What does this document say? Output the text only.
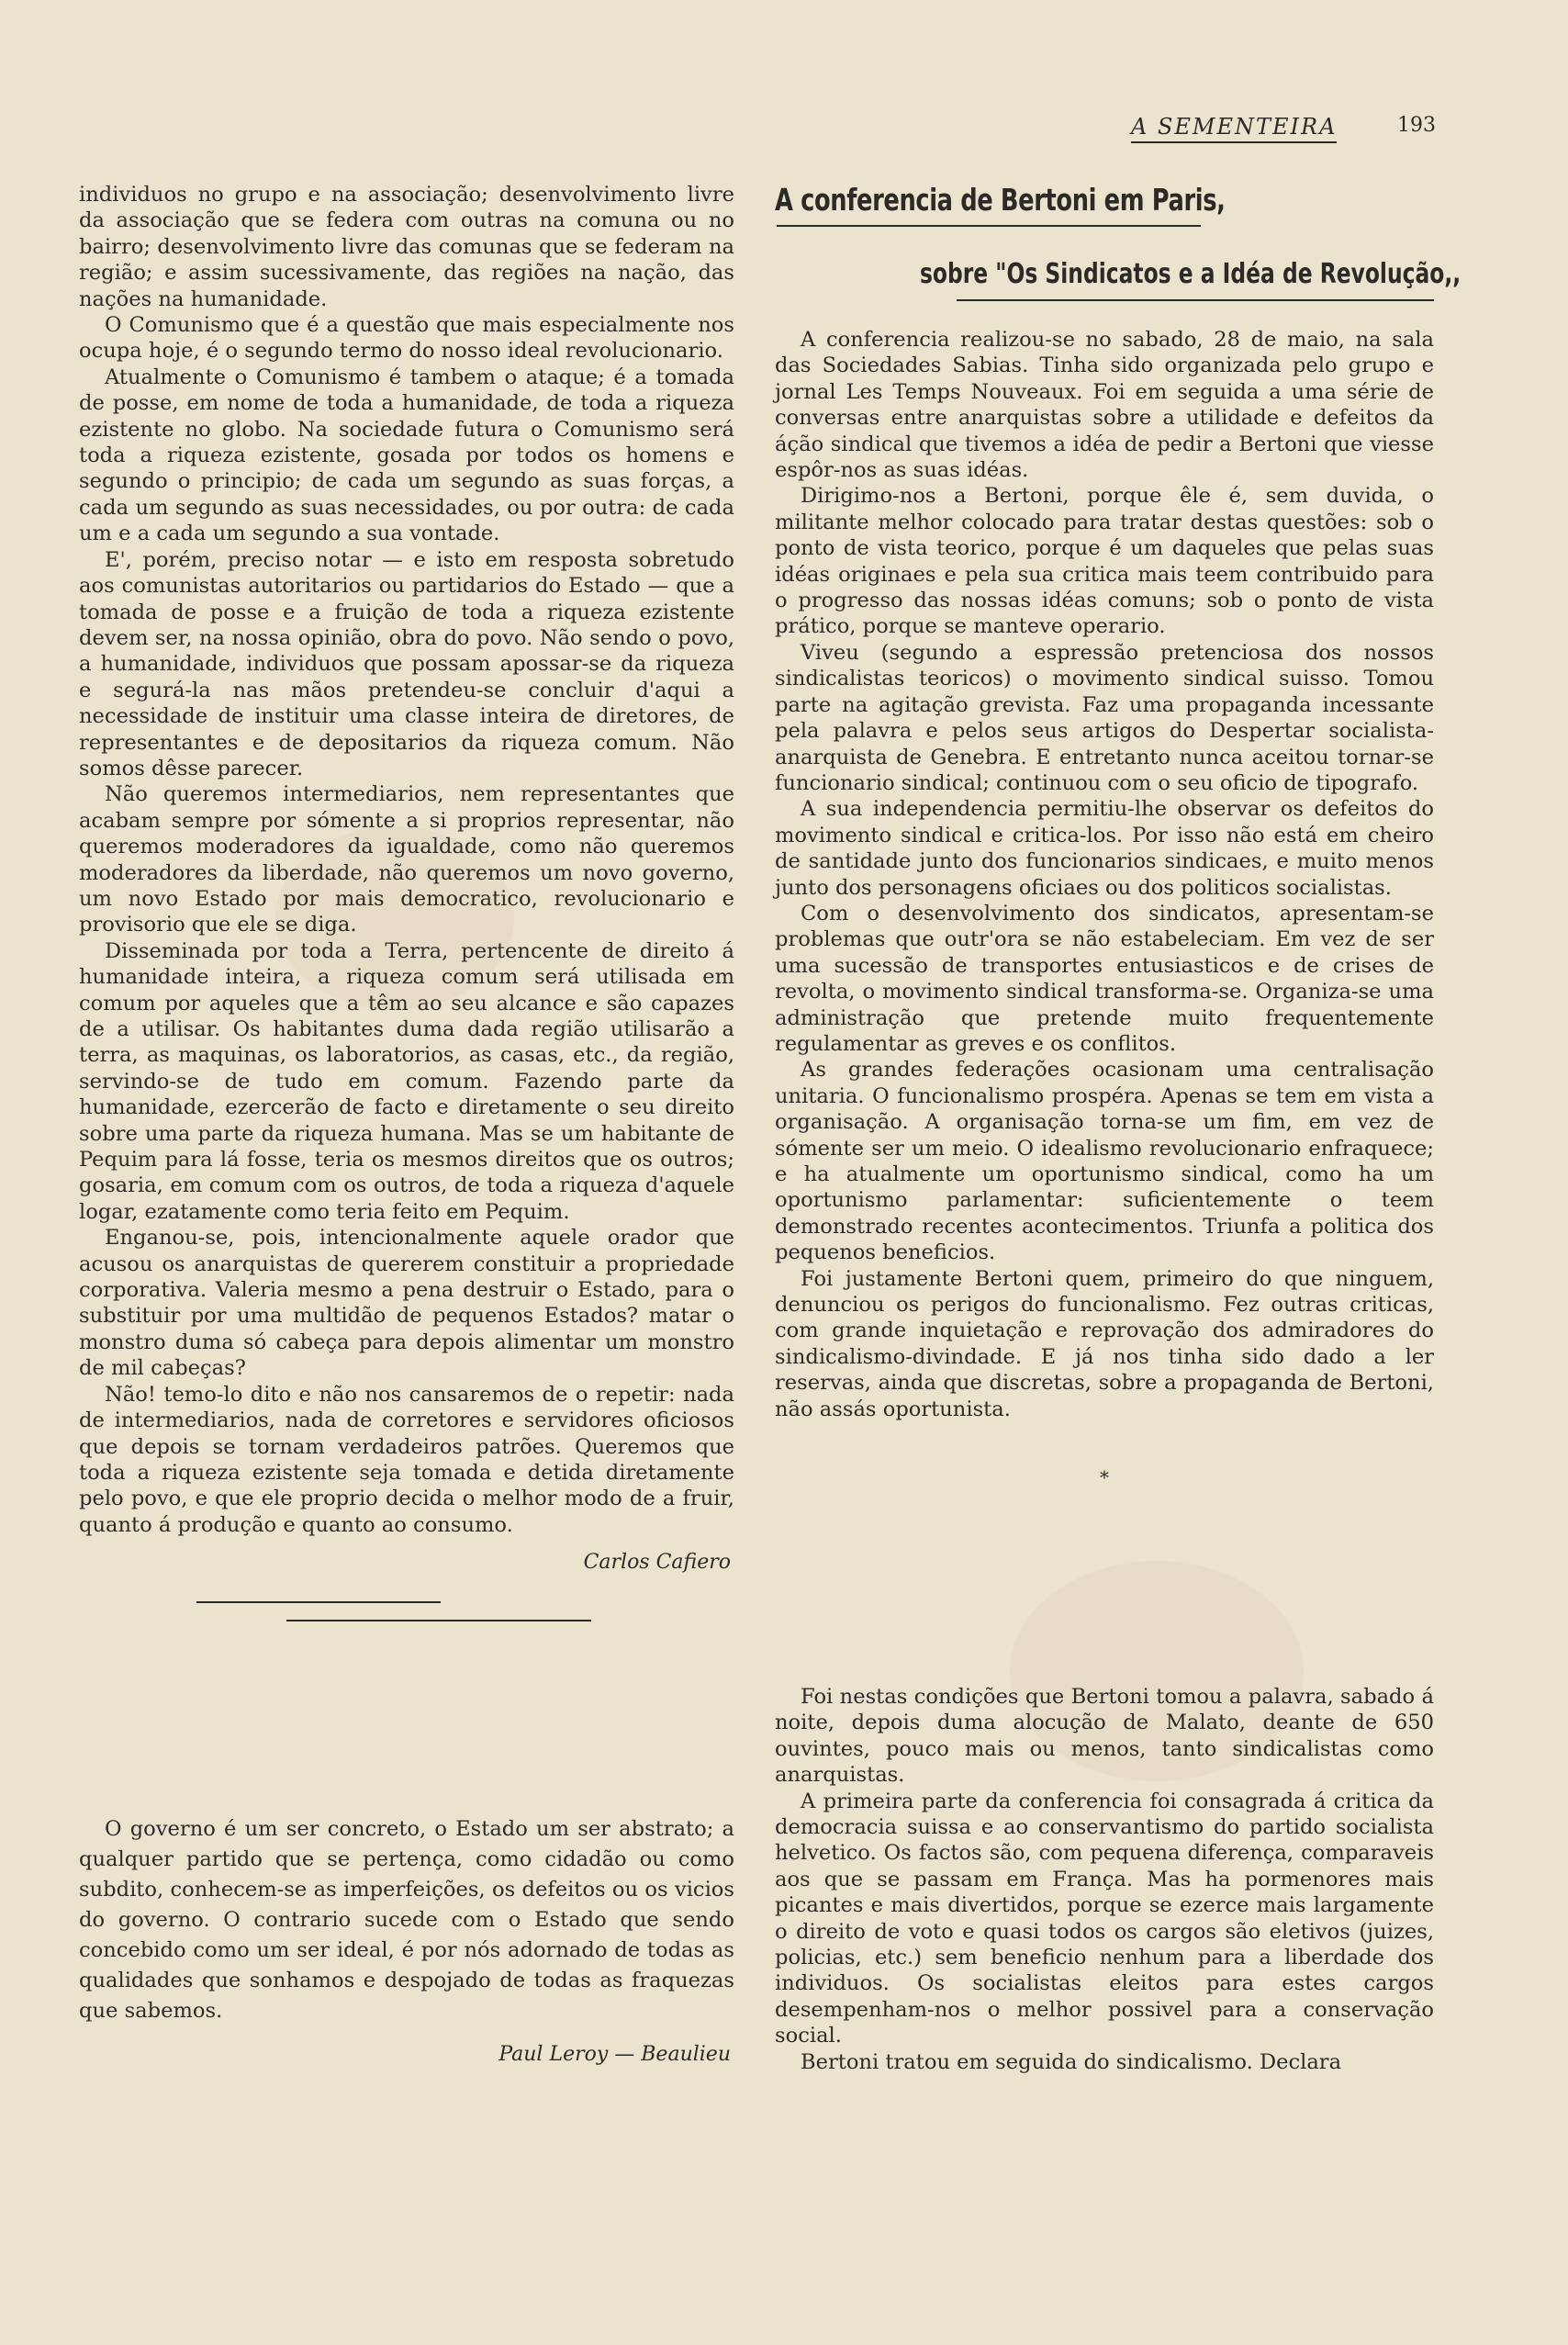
A SEMENTEIRA	193

individuos no grupo e na associação; desenvolvimento livre da associação que se federa com outras na comuna ou no bairro; desenvolvimento livre das comunas que se federam na região; e assim sucessivamente, das regiões na nação, das nações na humanidade.

O Comunismo que é a questão que mais especialmente nos ocupa hoje, é o segundo termo do nosso ideal revolucionario.

Atualmente o Comunismo é tambem o ataque; é a tomada de posse, em nome de toda a humanidade, de toda a riqueza ezistente no globo. Na sociedade futura o Comunismo será toda a riqueza ezistente, gosada por todos os homens e segundo o principio; de cada um segundo as suas forças, a cada um segundo as suas necessidades, ou por outra: de cada um e a cada um segundo a sua vontade.

E', porém, preciso notar — e isto em resposta sobretudo aos comunistas autoritarios ou partidarios do Estado — que a tomada de posse e a fruição de toda a riqueza ezistente devem ser, na nossa opinião, obra do povo. Não sendo o povo, a humanidade, individuos que possam apossar-se da riqueza e segurá-la nas mãos pretendeu-se concluir d'aqui a necessidade de instituir uma classe inteira de diretores, de representantes e de depositarios da riqueza comum. Não somos dêsse parecer.

Não queremos intermediarios, nem representantes que acabam sempre por sómente a si proprios representar, não queremos moderadores da igualdade, como não queremos moderadores da liberdade, não queremos um novo governo, um novo Estado por mais democratico, revolucionario e provisorio que ele se diga.

Disseminada por toda a Terra, pertencente de direito á humanidade inteira, a riqueza comum será utilisada em comum por aqueles que a têm ao seu alcance e são capazes de a utilisar. Os habitantes duma dada região utilisarão a terra, as maquinas, os laboratorios, as casas, etc., da região, servindo-se de tudo em comum. Fazendo parte da humanidade, ezercerão de facto e diretamente o seu direito sobre uma parte da riqueza humana. Mas se um habitante de Pequim para lá fosse, teria os mesmos direitos que os outros; gosaria, em comum com os outros, de toda a riqueza d'aquele logar, ezatamente como teria feito em Pequim.

Enganou-se, pois, intencionalmente aquele orador que acusou os anarquistas de quererem constituir a propriedade corporativa. Valeria mesmo a pena destruir o Estado, para o substituir por uma multidão de pequenos Estados? matar o monstro duma só cabeça para depois alimentar um monstro de mil cabeças?

Não! temo-lo dito e não nos cansaremos de o repetir: nada de intermediarios, nada de corretores e servidores oficiosos que depois se tornam verdadeiros patrões. Queremos que toda a riqueza ezistente seja tomada e detida diretamente pelo povo, e que ele proprio decida o melhor modo de a fruir, quanto á produção e quanto ao consumo.

Carlos Cafiero

O governo é um ser concreto, o Estado um ser abstrato; a qualquer partido que se pertença, como cidadão ou como subdito, conhecem-se as imperfeições, os defeitos ou os vicios do governo. O contrario sucede com o Estado que sendo concebido como um ser ideal, é por nós adornado de todas as qualidades que sonhamos e despojado de todas as fraquezas que sabemos.

Paul Leroy — Beaulieu

A conferencia de Bertoni em Paris,

sobre "Os Sindicatos e a Idéa de Revolução,,

A conferencia realizou-se no sabado, 28 de maio, na sala das Sociedades Sabias. Tinha sido organizada pelo grupo e jornal Les Temps Nouveaux. Foi em seguida a uma série de conversas entre anarquistas sobre a utilidade e defeitos da áção sindical que tivemos a idéa de pedir a Bertoni que viesse espôr-nos as suas idéas.

Dirigimo-nos a Bertoni, porque êle é, sem duvida, o militante melhor colocado para tratar destas questões: sob o ponto de vista teorico, porque é um daqueles que pelas suas idéas originaes e pela sua critica mais teem contribuido para o progresso das nossas idéas comuns; sob o ponto de vista prático, porque se manteve operario.

Viveu (segundo a espressão pretenciosa dos nossos sindicalistas teoricos) o movimento sindical suisso. Tomou parte na agitação grevista. Faz uma propaganda incessante pela palavra e pelos seus artigos do Despertar socialista-anarquista de Genebra. E entretanto nunca aceitou tornar-se funcionario sindical; continuou com o seu oficio de tipografo.

A sua independencia permitiu-lhe observar os defeitos do movimento sindical e critica-los. Por isso não está em cheiro de santidade junto dos funcionarios sindicaes, e muito menos junto dos personagens oficiaes ou dos politicos socialistas.

Com o desenvolvimento dos sindicatos, apresentam-se problemas que outr'ora se não estabeleciam. Em vez de ser uma sucessão de transportes entusiasticos e de crises de revolta, o movimento sindical transforma-se. Organiza-se uma administração que pretende muito frequentemente regulamentar as greves e os conflitos.

As grandes federações ocasionam uma centralisação unitaria. O funcionalismo prospéra. Apenas se tem em vista a organisação. A organisação torna-se um fim, em vez de sómente ser um meio. O idealismo revolucionario enfraquece; e ha atualmente um oportunismo sindical, como ha um oportunismo parlamentar: suficientemente o teem demonstrado recentes acontecimentos. Triunfa a politica dos pequenos beneficios.

Foi justamente Bertoni quem, primeiro do que ninguem, denunciou os perigos do funcionalismo. Fez outras criticas, com grande inquietação e reprovação dos admiradores do sindicalismo-divindade. E já nos tinha sido dado a ler reservas, ainda que discretas, sobre a propaganda de Bertoni, não assás oportunista.

*

Foi nestas condições que Bertoni tomou a palavra, sabado á noite, depois duma alocução de Malato, deante de 650 ouvintes, pouco mais ou menos, tanto sindicalistas como anarquistas.

A primeira parte da conferencia foi consagrada á critica da democracia suissa e ao conservantismo do partido socialista helvetico. Os factos são, com pequena diferença, comparaveis aos que se passam em França. Mas ha pormenores mais picantes e mais divertidos, porque se ezerce mais largamente o direito de voto e quasi todos os cargos são eletivos (juizes, policias, etc.) sem beneficio nenhum para a liberdade dos individuos. Os socialistas eleitos para estes cargos desempenham-nos o melhor possivel para a conservação social.

Bertoni tratou em seguida do sindicalismo. Declara
